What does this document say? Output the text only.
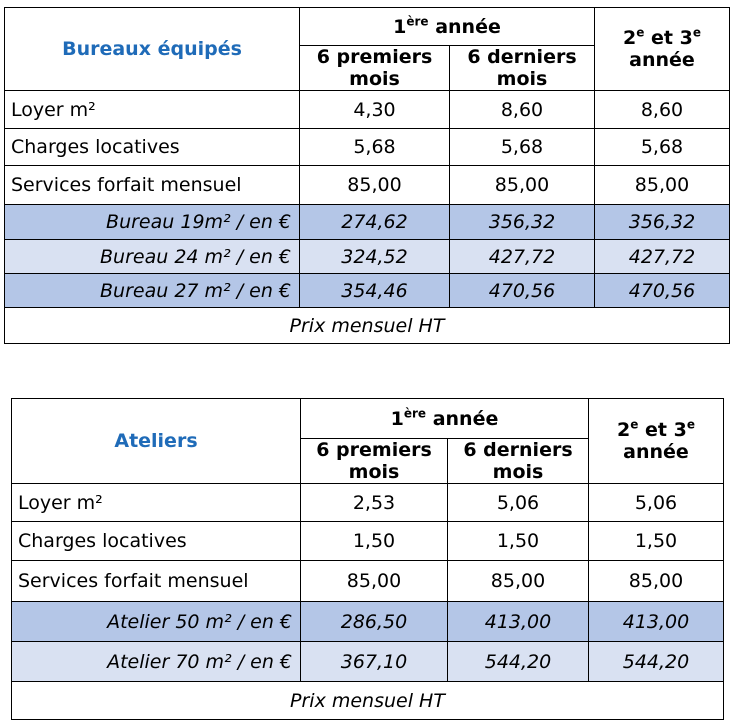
Bureaux équipés	1ère année		2e et 3e
année
	6 premiers mois	6 derniers mois	
Loyer m²	4,30	8,60	8,60
Charges locatives	5,68	5,68	5,68
Services forfait mensuel	85,00	85,00	85,00
Bureau 19m² / en €	274,62	356,32	356,32
Bureau 24 m² / en €	324,52	427,72	427,72
Bureau 27 m² / en €	354,46	470,56	470,56
Prix mensuel HT			
Ateliers	1ère année		2e et 3e
année
	6 premiers mois	6 derniers mois	
Loyer m²	2,53	5,06	5,06
Charges locatives	1,50	1,50	1,50
Services forfait mensuel	85,00	85,00	85,00
Atelier 50 m² / en €	286,50	413,00	413,00
Atelier 70 m² / en €	367,10	544,20	544,20
Prix mensuel HT			
